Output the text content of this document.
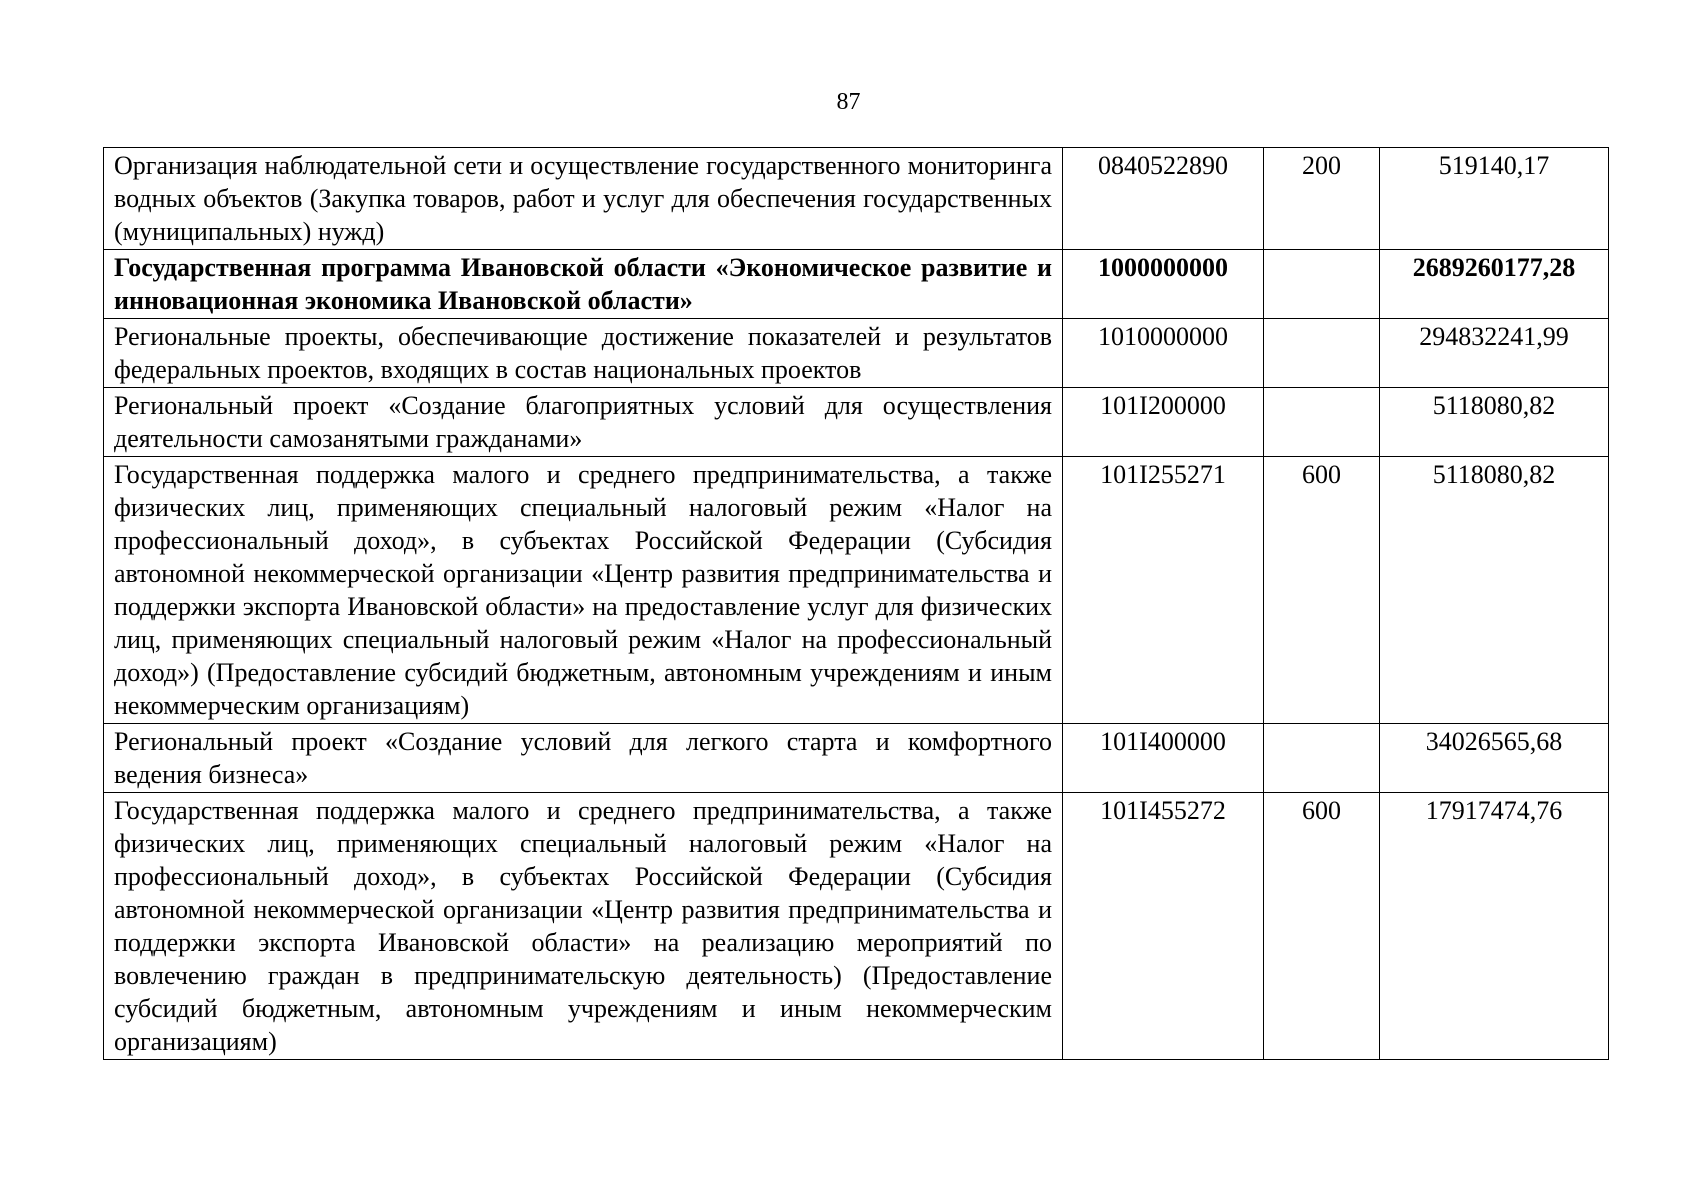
87
Организация наблюдательной сети и осуществление государственного мониторинга водных объектов (Закупка товаров, работ и услуг для обеспечения государственных (муниципальных) нужд)	0840522890	200	519140,17
Государственная программа Ивановской области «Экономическое развитие и инновационная экономика Ивановской области»	1000000000		2689260177,28
Региональные проекты, обеспечивающие достижение показателей и результатов федеральных проектов, входящих в состав национальных проектов	1010000000		294832241,99
Региональный проект «Создание благоприятных условий для осуществления деятельности самозанятыми гражданами»	101I200000		5118080,82
Государственная поддержка малого и среднего предпринимательства, а также физических лиц, применяющих специальный налоговый режим «Налог на профессиональный доход», в субъектах Российской Федерации (Субсидия автономной некоммерческой организации «Центр развития предпринимательства и поддержки экспорта Ивановской области» на предоставление услуг для физических лиц, применяющих специальный налоговый режим «Налог на профессиональный доход») (Предоставление субсидий бюджетным, автономным учреждениям и иным некоммерческим организациям)	101I255271	600	5118080,82
Региональный проект «Создание условий для легкого старта и комфортного ведения бизнеса»	101I400000		34026565,68
Государственная поддержка малого и среднего предпринимательства, а также физических лиц, применяющих специальный налоговый режим «Налог на профессиональный доход», в субъектах Российской Федерации (Субсидия автономной некоммерческой организации «Центр развития предпринимательства и поддержки экспорта Ивановской области» на реализацию мероприятий по вовлечению граждан в предпринимательскую деятельность) (Предоставление субсидий бюджетным, автономным учреждениям и иным некоммерческим организациям)	101I455272	600	17917474,76
